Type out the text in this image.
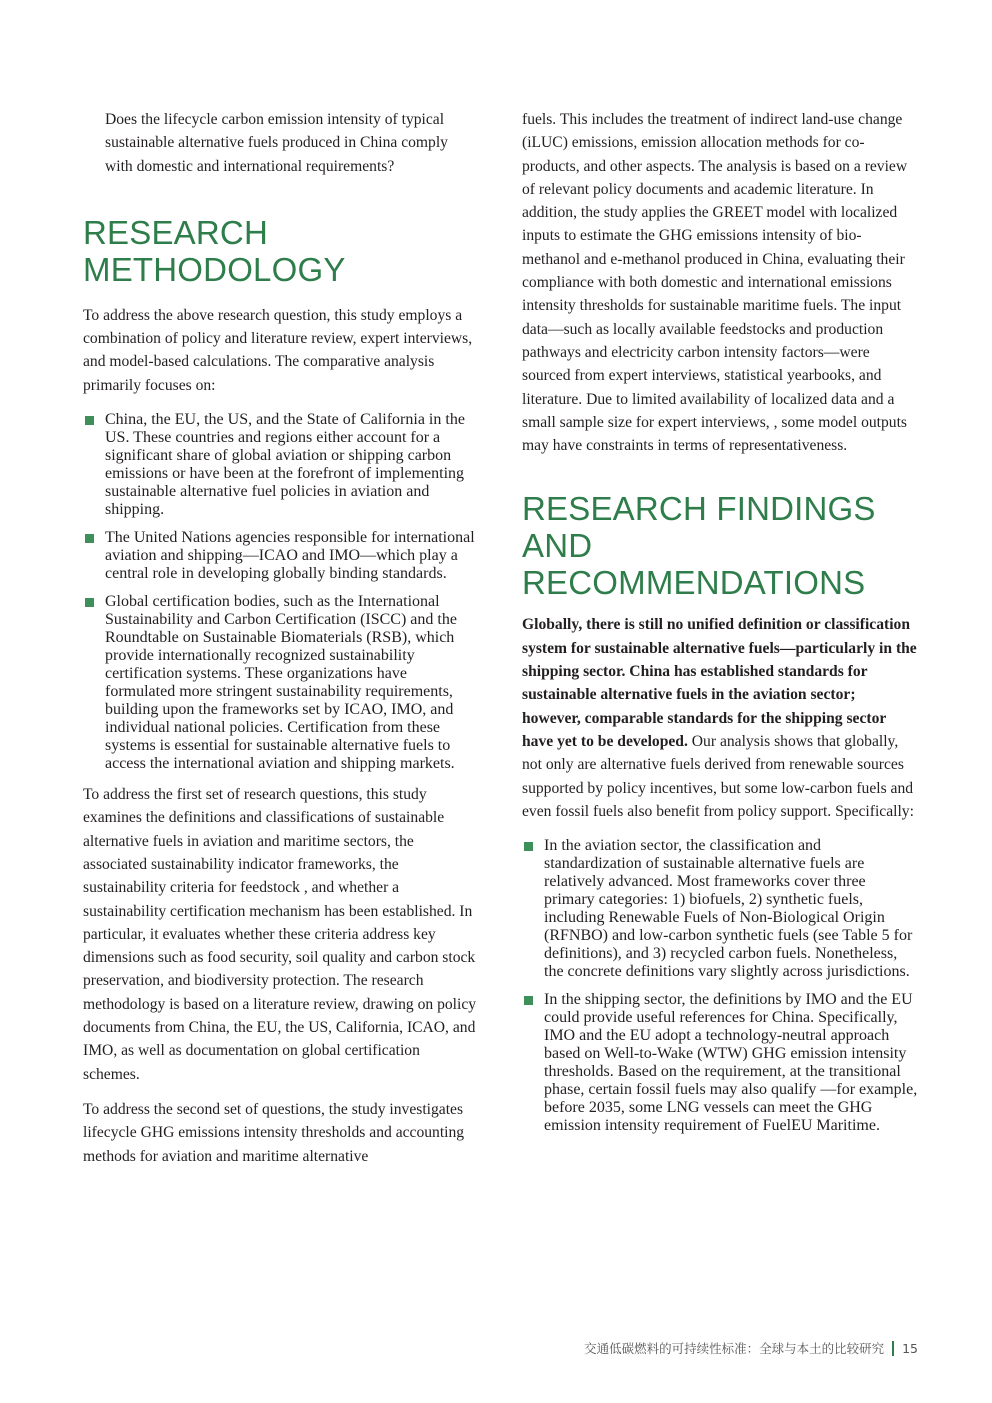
Does the lifecycle carbon emission intensity of typical sustainable alternative fuels produced in China comply with domestic and international requirements?

RESEARCH METHODOLOGY

To address the above research question, this study employs a combination of policy and literature review, expert interviews, and model-based calculations. The comparative analysis primarily focuses on:

China, the EU, the US, and the State of California in the US. These countries and regions either account for a significant share of global aviation or shipping carbon emissions or have been at the forefront of implementing sustainable alternative fuel policies in aviation and shipping.
The United Nations agencies responsible for international aviation and shipping—ICAO and IMO—which play a central role in developing globally binding standards.
Global certification bodies, such as the International Sustainability and Carbon Certification (ISCC) and the Roundtable on Sustainable Biomaterials (RSB), which provide internationally recognized sustainability certification systems. These organizations have formulated more stringent sustainability requirements, building upon the frameworks set by ICAO, IMO, and individual national policies. Certification from these systems is essential for sustainable alternative fuels to access the international aviation and shipping markets.

To address the first set of research questions, this study examines the definitions and classifications of sustainable alternative fuels in aviation and maritime sectors, the associated sustainability indicator frameworks, the sustainability criteria for feedstock , and whether a sustainability certification mechanism has been established. In particular, it evaluates whether these criteria address key dimensions such as food security, soil quality and carbon stock preservation, and biodiversity protection. The research methodology is based on a literature review, drawing on policy documents from China, the EU, the US, California, ICAO, and IMO, as well as documentation on global certification schemes.

To address the second set of questions, the study investigates lifecycle GHG emissions intensity thresholds and accounting methods for aviation and maritime alternative

fuels. This includes the treatment of indirect land-use change (iLUC) emissions, emission allocation methods for co-products, and other aspects. The analysis is based on a review of relevant policy documents and academic literature. In addition, the study applies the GREET model with localized inputs to estimate the GHG emissions intensity of bio-methanol and e-methanol produced in China, evaluating their compliance with both domestic and international emissions intensity thresholds for sustainable maritime fuels. The input data—such as locally available feedstocks and production pathways and electricity carbon intensity factors—were sourced from expert interviews, statistical yearbooks, and literature. Due to limited availability of localized data and a small sample size for expert interviews, , some model outputs may have constraints in terms of representativeness.

RESEARCH FINDINGS AND RECOMMENDATIONS

Globally, there is still no unified definition or classification system for sustainable alternative fuels—particularly in the shipping sector. China has established standards for sustainable alternative fuels in the aviation sector; however, comparable standards for the shipping sector have yet to be developed. Our analysis shows that globally, not only are alternative fuels derived from renewable sources supported by policy incentives, but some low-carbon fuels and even fossil fuels also benefit from policy support. Specifically:

In the aviation sector, the classification and standardization of sustainable alternative fuels are relatively advanced. Most frameworks cover three primary categories: 1) biofuels, 2) synthetic fuels, including Renewable Fuels of Non-Biological Origin (RFNBO) and low-carbon synthetic fuels (see Table 5 for definitions), and 3) recycled carbon fuels. Nonetheless, the concrete definitions vary slightly across jurisdictions.
In the shipping sector, the definitions by IMO and the EU could provide useful references for China. Specifically, IMO and the EU adopt a technology-neutral approach based on Well-to-Wake (WTW) GHG emission intensity thresholds. Based on the requirement, at the transitional phase, certain fossil fuels may also qualify —for example, before 2035, some LNG vessels can meet the GHG emission intensity requirement of FuelEU Maritime.
交通低碳燃料的可持续性标准：全球与本土的比较研究 15
